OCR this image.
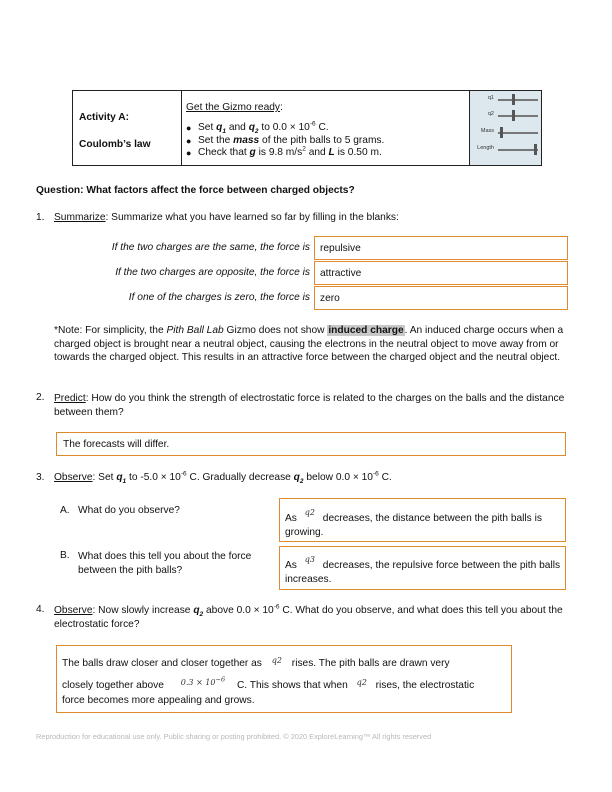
Activity A:
Coulomb’s law
Get the Gizmo ready:
● Set $q_1$ and $q_2$ to $0.0 \times 10^{-6}$ C.
● Set the mass of the pith balls to 5 grams.
● Check that g is 9.8 $m/s^2$ and L is 0.50 m.
q1
q2
Mass
Length
Question: What factors affect the force between charged objects?
1. Summarize: Summarize what you have learned so far by filling in the blanks:
If the two charges are the same, the force is repulsive
If the two charges are opposite, the force is attractive
If one of the charges is zero, the force is zero

*Note: For simplicity, the Pith Ball Lab Gizmo does not show induced charge. An induced charge occurs when a charged object is brought near a neutral object, causing the electrons in the neutral object to move away from or towards the charged object. This results in an attractive force between the charged object and the neutral object.

2. Predict: How do you think the strength of electrostatic force is related to the charges on the balls and the distance between them?

The forecasts will differ.
3. Observe: Set $q_1$ to $-5.0 \times 10^{-6}$ C. Gradually decrease $q_2$ below $0.0 \times 10^{-6}$ C.
A. What do you observe?
As $^{q2}$ decreases, the distance between the pith balls is growing.
B. What does this tell you about the force between the pith balls?	As $^{q3}$ decreases, the repulsive force between the pith balls increases.
4. Observe: Now slowly increase $q_2$ above $0.0 \times 10^{-6}$ C. What do you observe, and what does this tell you about the electrostatic force?

The balls draw closer and closer together as $^{q2}$ rises. The pith balls are drawn very
closely together above $^{0.3 \times 10^{-6}}$ C. This shows that when $^{q2}$ rises, the electrostatic
force becomes more appealing and grows.
Reproduction for educational use only. Public sharing or posting prohibited. © 2020 ExploreLearning™ All rights reserved
